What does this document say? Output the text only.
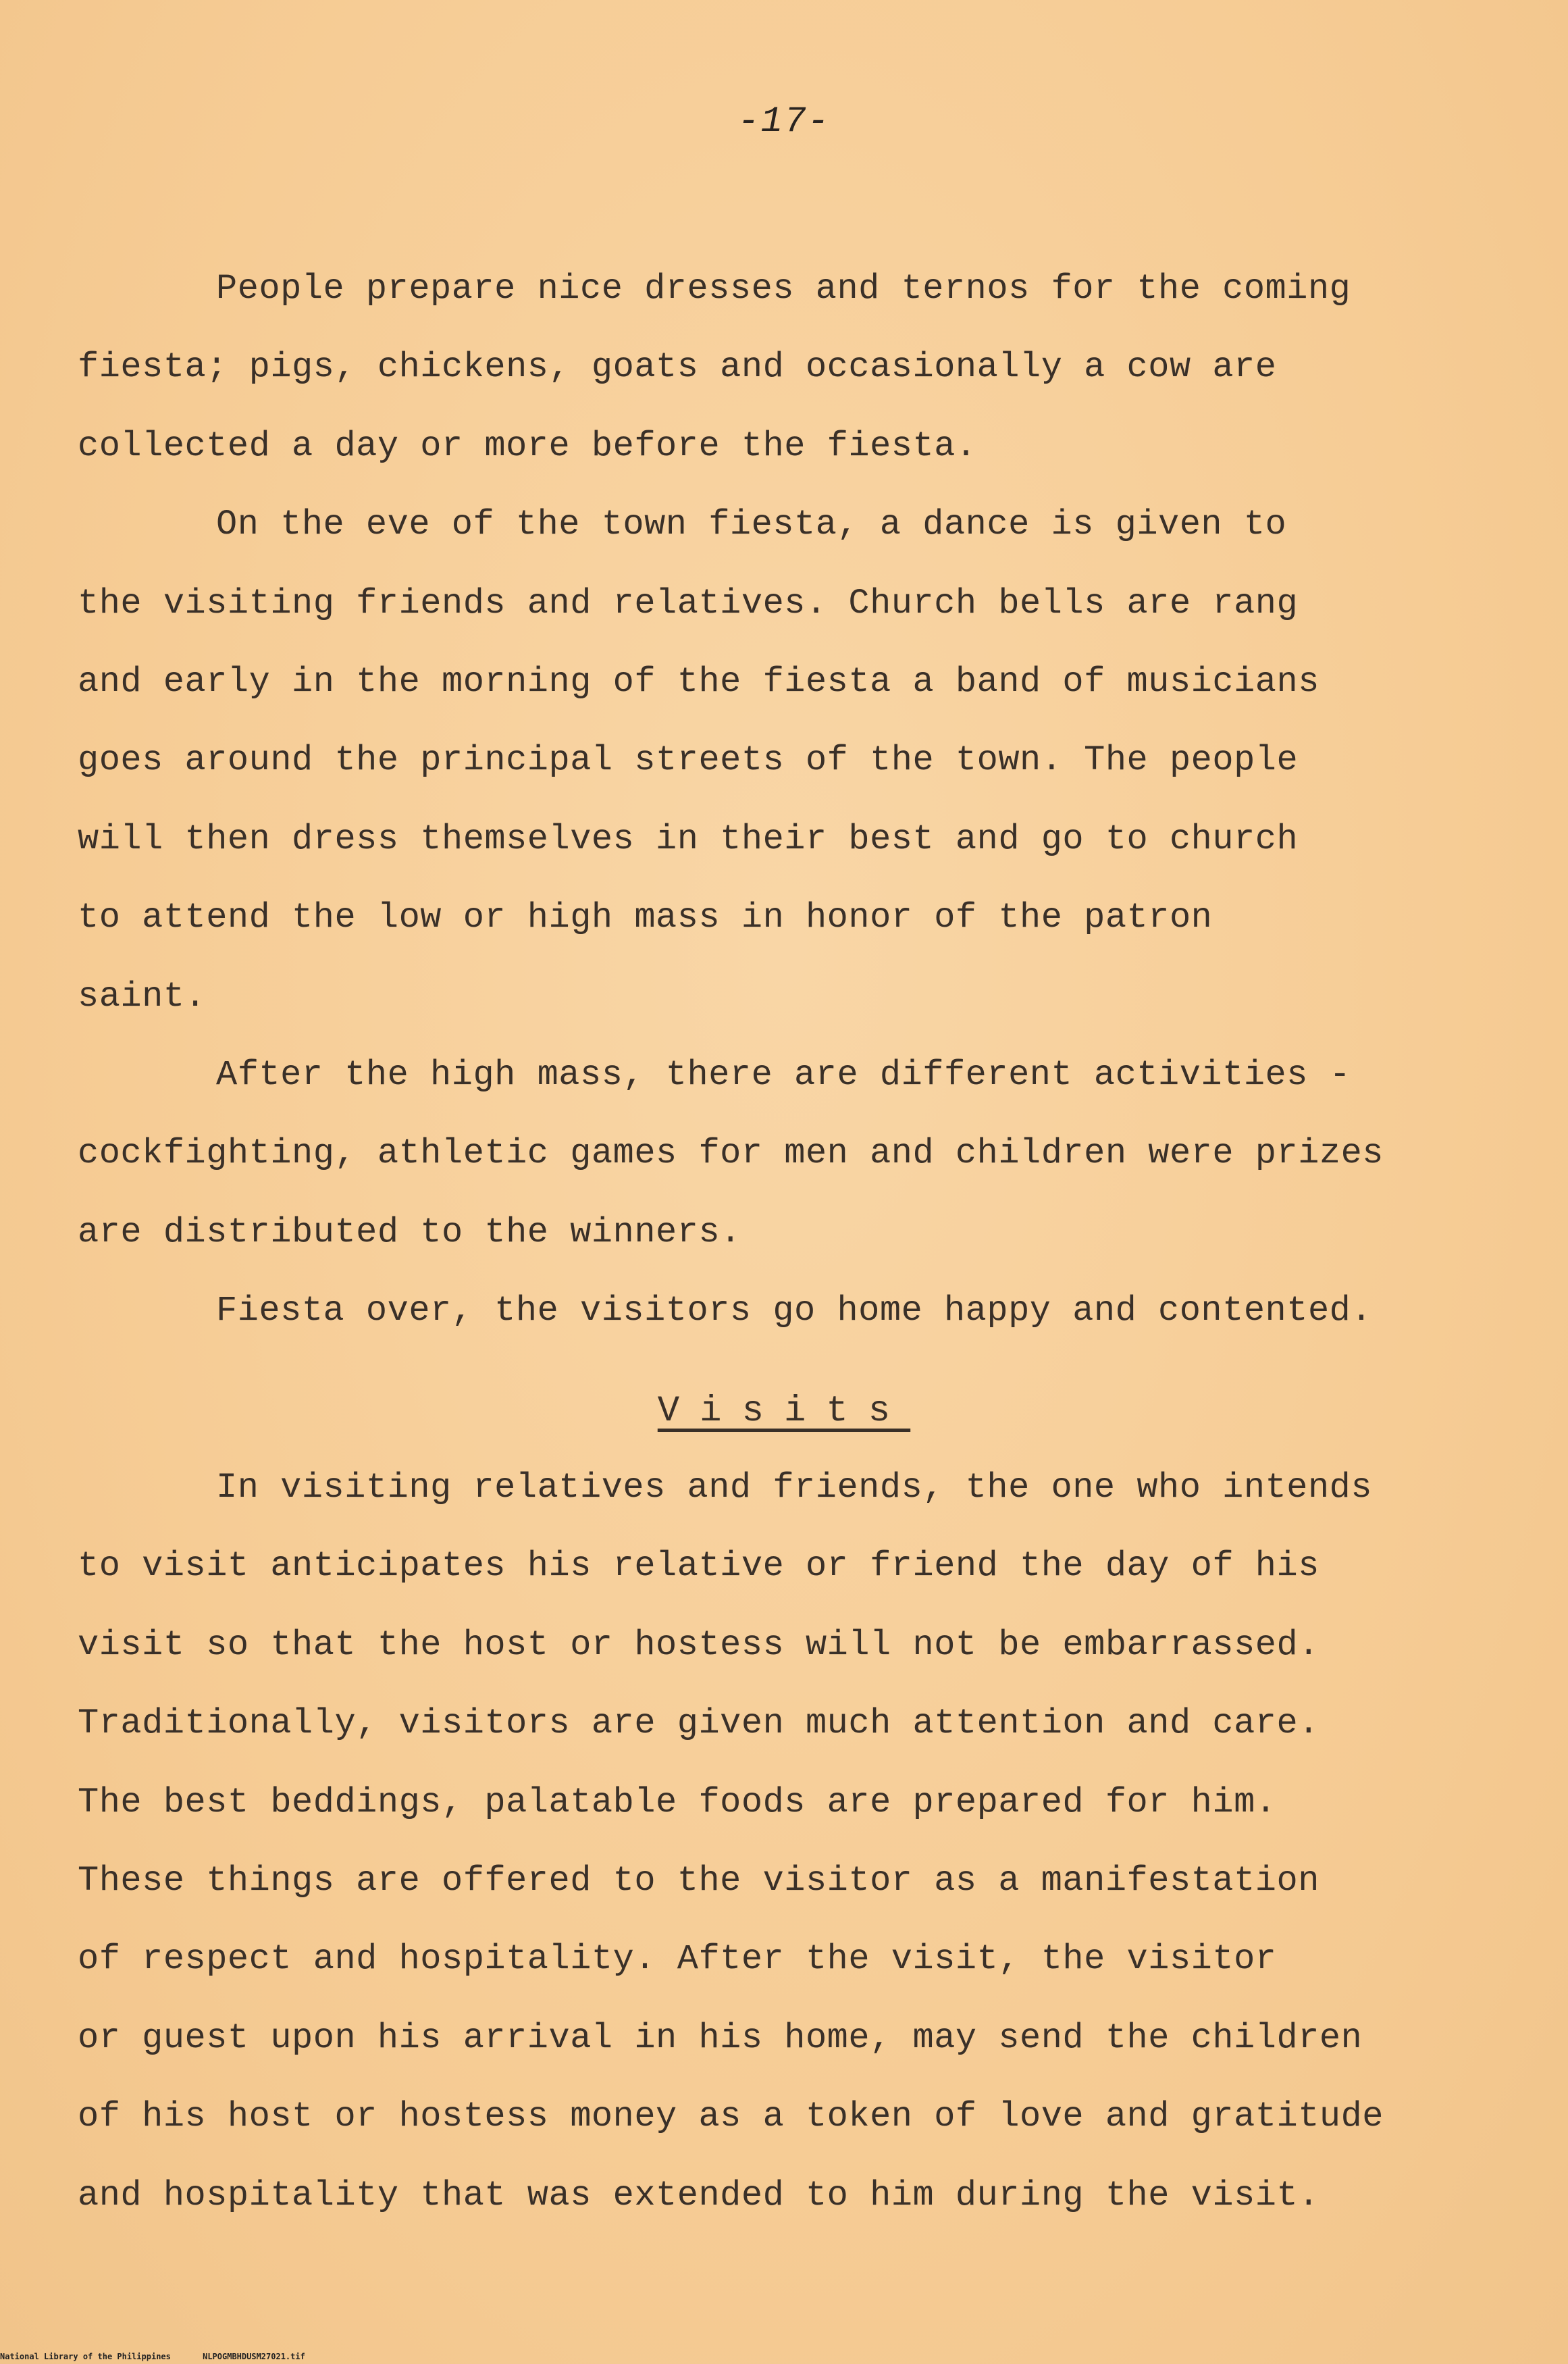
-17-
People prepare nice dresses and ternos for the coming
fiesta; pigs, chickens, goats and occasionally a cow are
collected a day or more before the fiesta.
On the eve of the town fiesta, a dance is given to
the visiting friends and relatives. Church bells are rang
and early in the morning of the fiesta a band of musicians
goes around the principal streets of the town. The people
will then dress themselves in their best and go to church
to attend the low or high mass in honor of the patron
saint.
After the high mass, there are different activities -
cockfighting, athletic games for men and children were prizes
are distributed to the winners.
Fiesta over, the visitors go home happy and contented.
Visits
In visiting relatives and friends, the one who intends
to visit anticipates his relative or friend the day of his
visit so that the host or hostess will not be embarrassed.
Traditionally, visitors are given much attention and care.
The best beddings, palatable foods are prepared for him.
These things are offered to the visitor as a manifestation
of respect and hospitality. After the visit, the visitor
or guest upon his arrival in his home, may send the children
of his host or hostess money as a token of love and gratitude
and hospitality that was extended to him during the visit.
National Library of the Philippines	NLPOGMBHDUSM27021.tif
